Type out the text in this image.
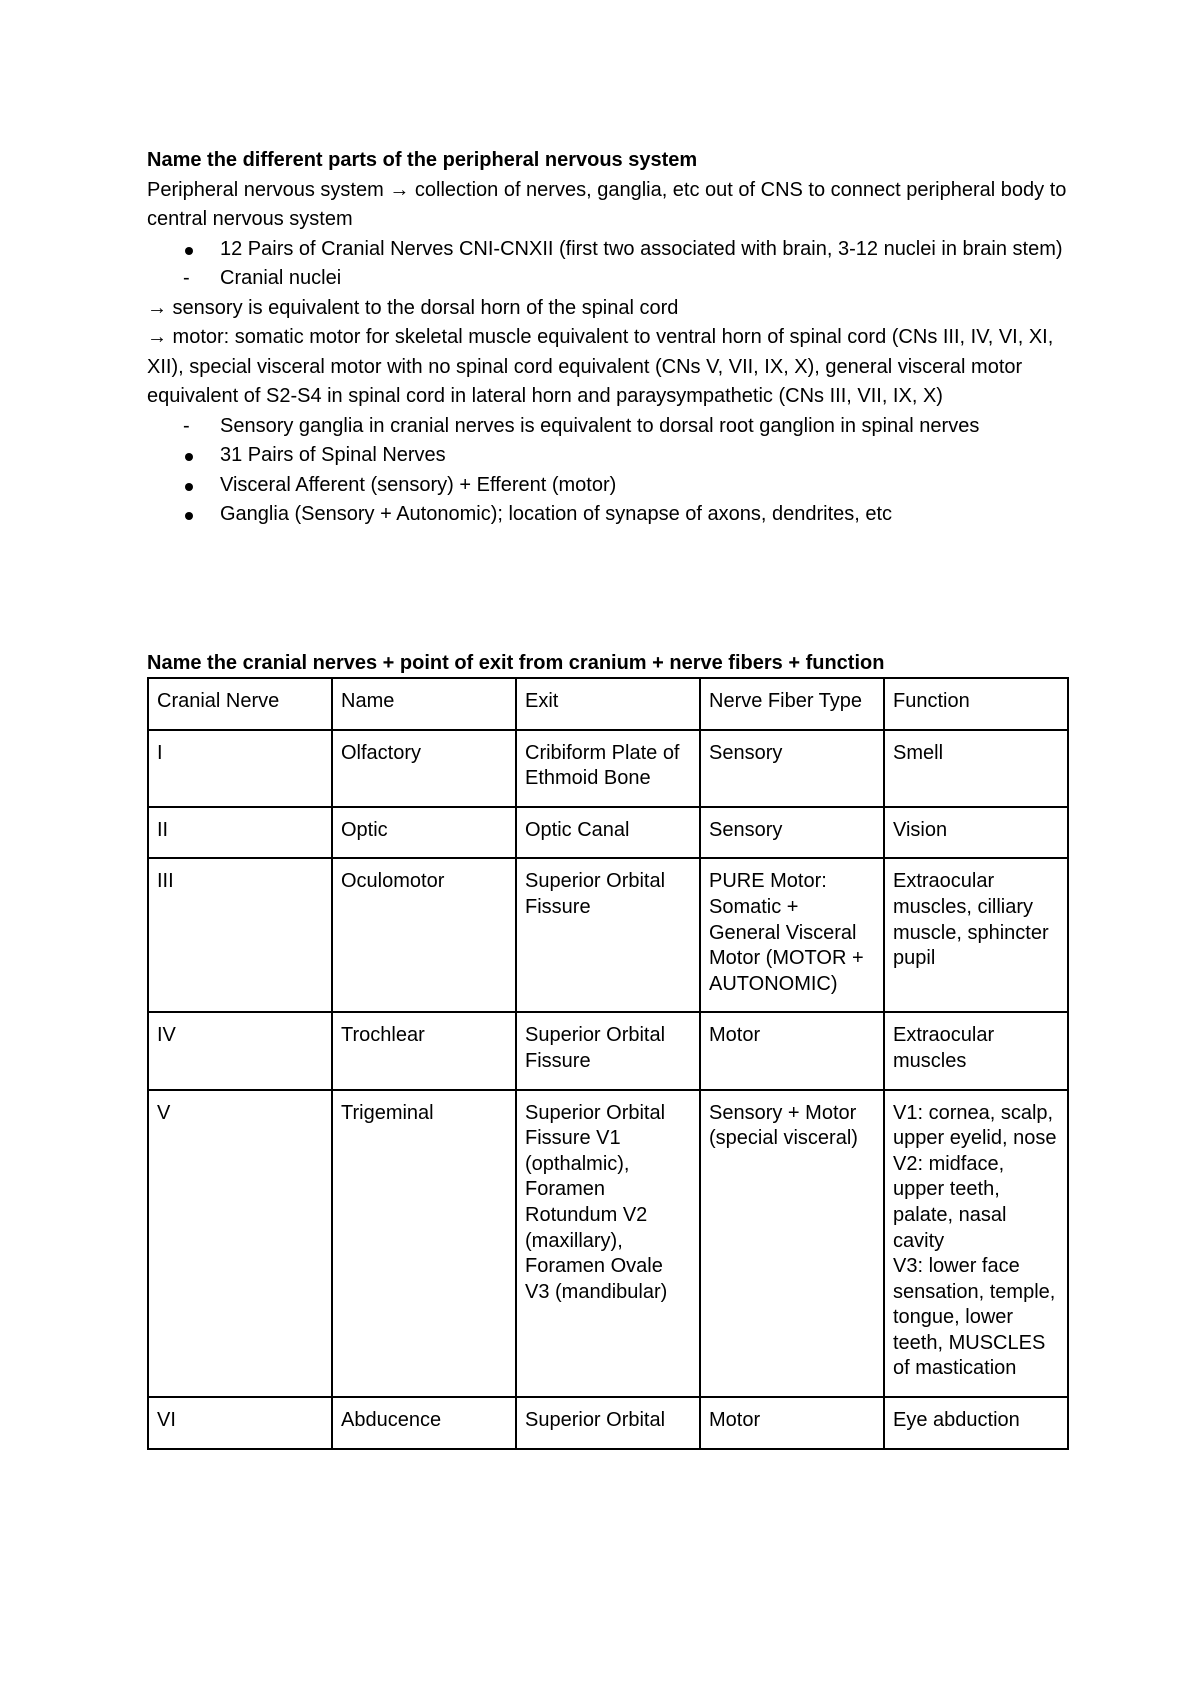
Name the different parts of the peripheral nervous system

Peripheral nervous system → collection of nerves, ganglia, etc out of CNS to connect peripheral body to central nervous system

12 Pairs of Cranial Nerves CNI-CNXII (first two associated with brain, 3-12 nuclei in brain stem)
-	Cranial nuclei

→ sensory is equivalent to the dorsal horn of the spinal cord

→ motor: somatic motor for skeletal muscle equivalent to ventral horn of spinal cord (CNs III, IV, VI, XI, XII), special visceral motor with no spinal cord equivalent (CNs V, VII, IX, X), general visceral motor equivalent of S2-S4 in spinal cord in lateral horn and paraysympathetic (CNs III, VII, IX, X)

-	Sensory ganglia in cranial nerves is equivalent to dorsal root ganglion in spinal nerves
31 Pairs of Spinal Nerves
Visceral Afferent (sensory) + Efferent (motor)
Ganglia (Sensory + Autonomic); location of synapse of axons, dendrites, etc

Name the cranial nerves + point of exit from cranium + nerve fibers + function

Cranial Nerve	Name	Exit	Nerve Fiber Type	Function
I	Olfactory	Cribiform Plate of Ethmoid Bone	Sensory	Smell
II	Optic	Optic Canal	Sensory	Vision
III	Oculomotor	Superior Orbital Fissure	PURE Motor: Somatic + General Visceral Motor (MOTOR + AUTONOMIC)	Extraocular muscles, cilliary muscle, sphincter pupil
IV	Trochlear	Superior Orbital Fissure	Motor	Extraocular muscles
V	Trigeminal	Superior Orbital Fissure V1 (opthalmic), Foramen Rotundum V2 (maxillary), Foramen Ovale V3 (mandibular)	Sensory + Motor (special visceral)	V1: cornea, scalp, upper eyelid, nose
V2: midface, upper teeth, palate, nasal cavity
V3: lower face sensation, temple, tongue, lower teeth, MUSCLES of mastication
VI	Abducence	Superior Orbital	Motor	Eye abduction
